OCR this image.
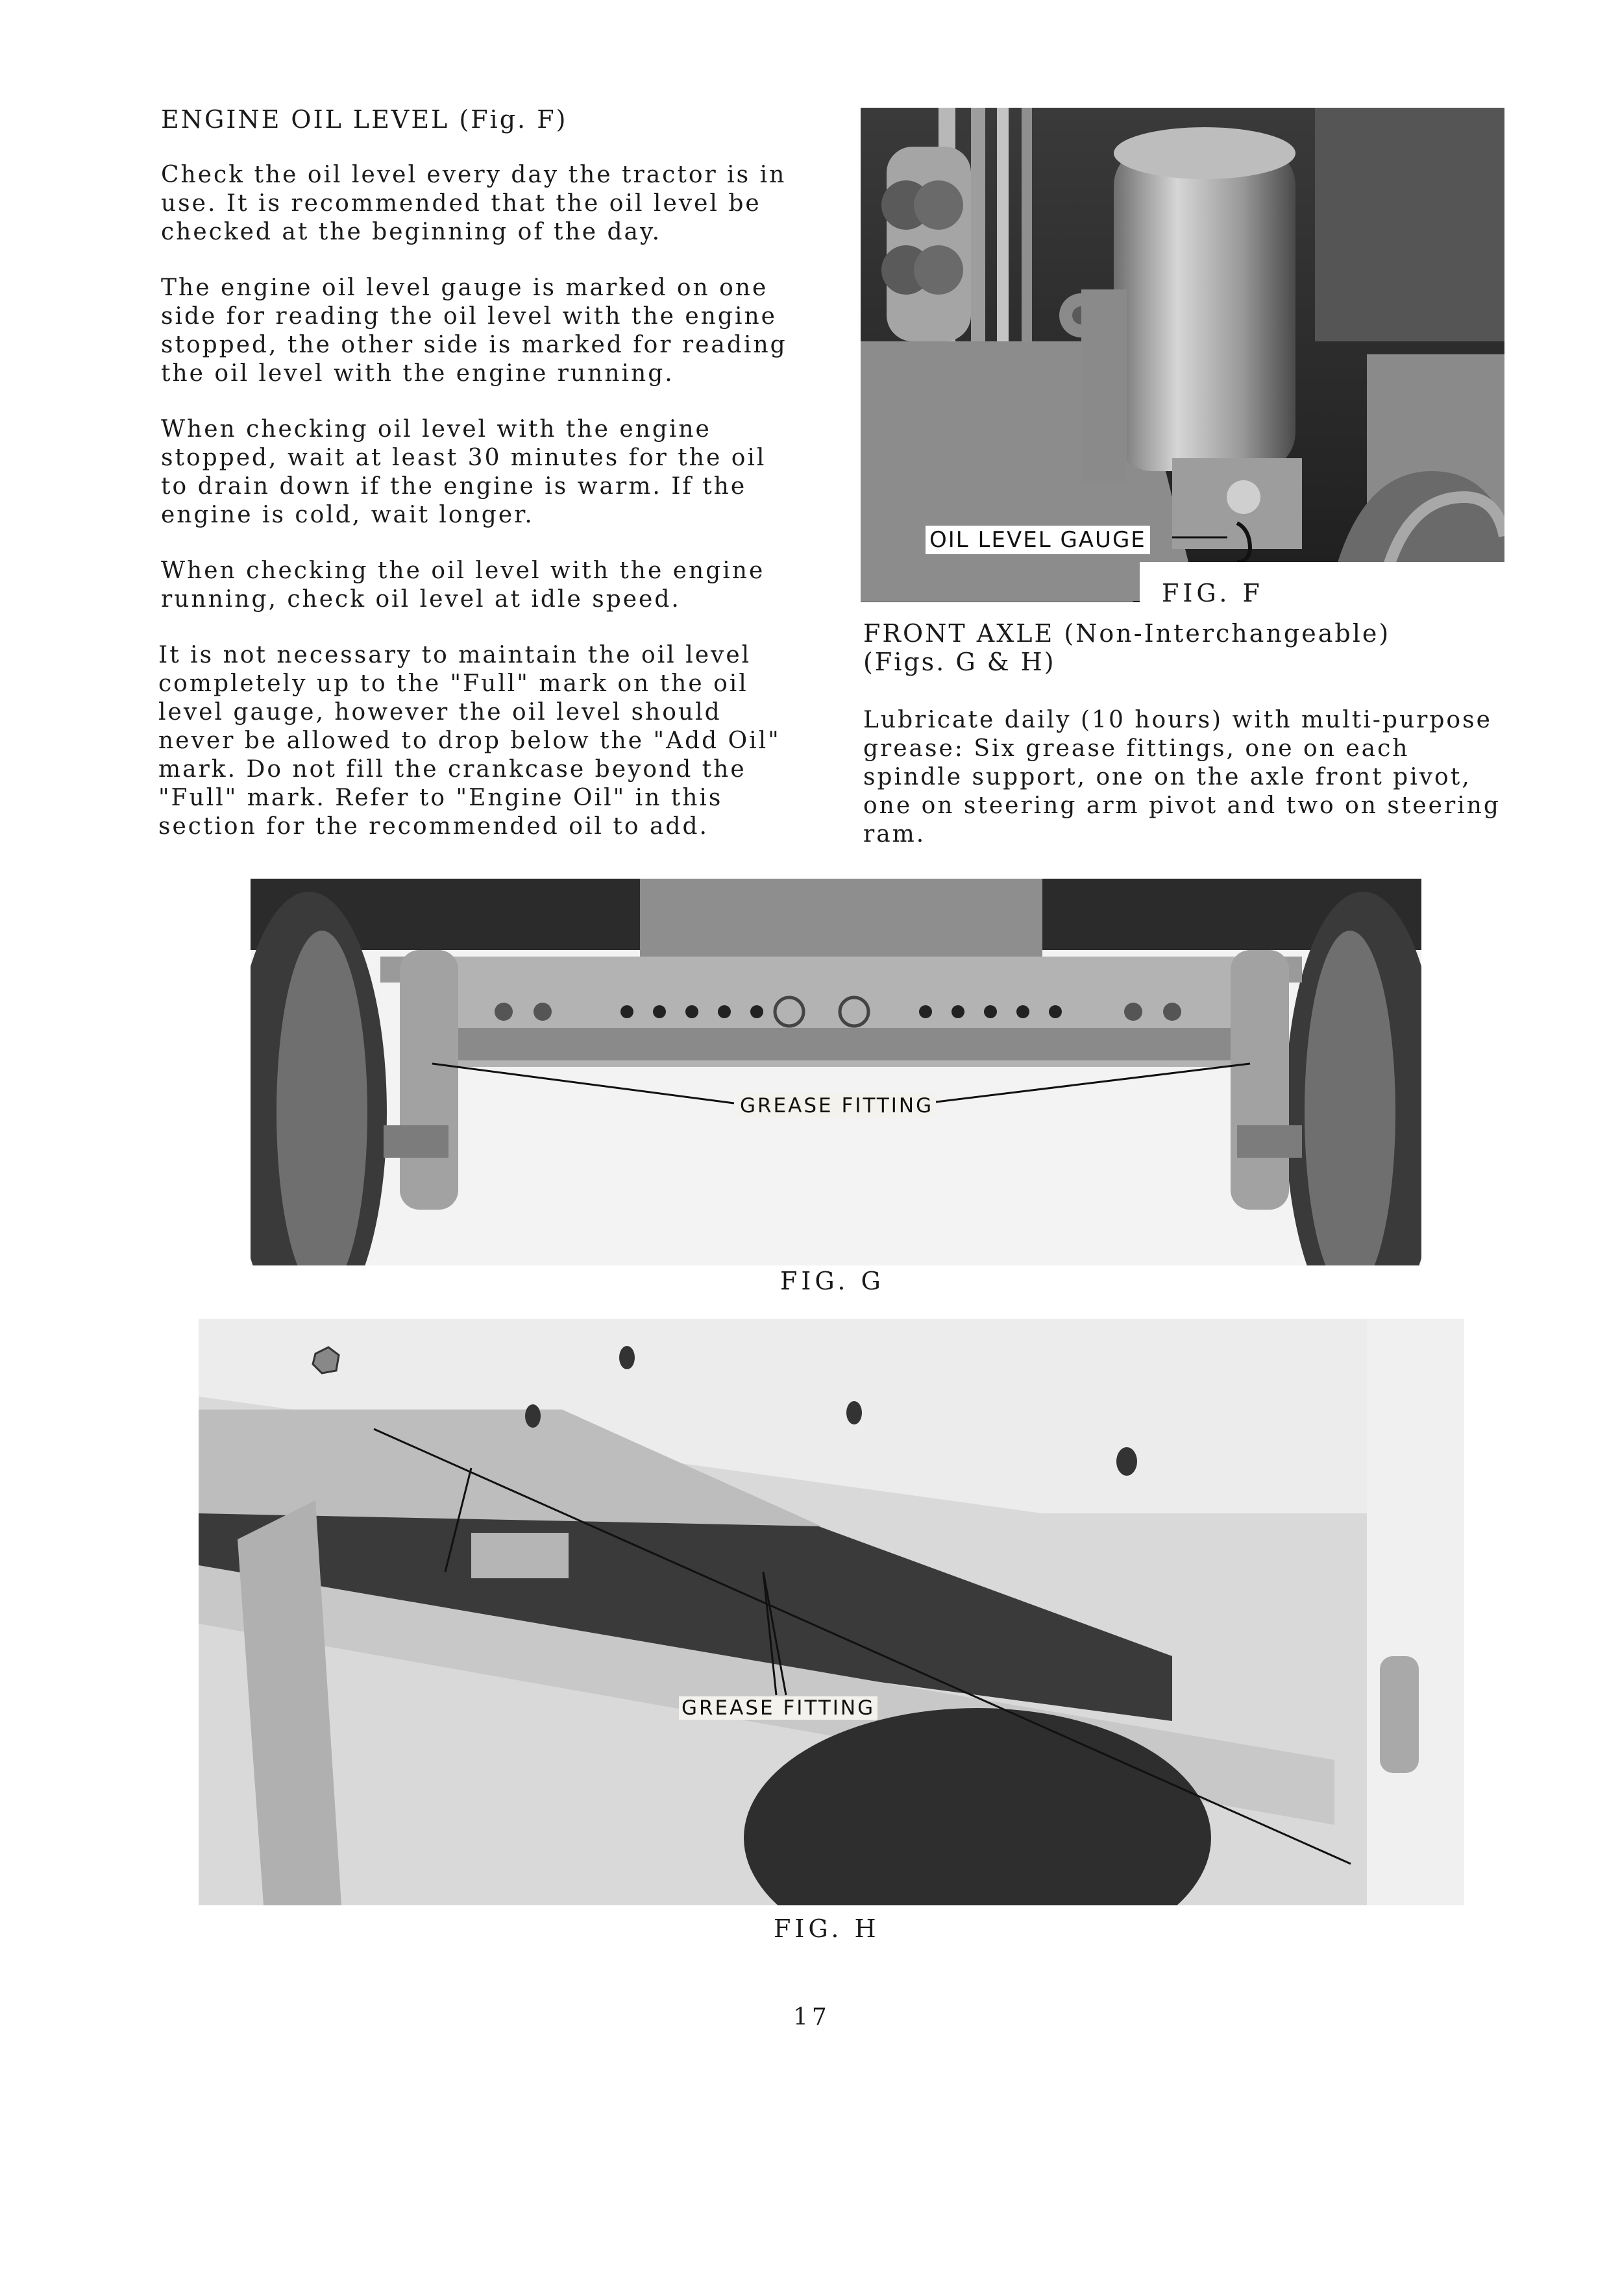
ENGINE OIL LEVEL (Fig. F)

Check the oil level every day the tractor is in

use. It is recommended that the oil level be

checked at the beginning of the day.

The engine oil level gauge is marked on one

side for reading the oil level with the engine

stopped, the other side is marked for reading

the oil level with the engine running.

When checking oil level with the engine

stopped, wait at least 30 minutes for the oil

to drain down if the engine is warm. If the

engine is cold, wait longer.

When checking the oil level with the engine

running, check oil level at idle speed.

It is not necessary to maintain the oil level

completely up to the "Full" mark on the oil

level gauge, however the oil level should

never be allowed to drop below the "Add Oil"

mark. Do not fill the crankcase beyond the

"Full" mark. Refer to "Engine Oil" in this

section for the recommended oil to add.

OIL LEVEL GAUGE

FIG. F

FRONT AXLE (Non-Interchangeable)

(Figs. G & H)

Lubricate daily (10 hours) with multi-purpose

grease: Six grease fittings, one on each

spindle support, one on the axle front pivot,

one on steering arm pivot and two on steering

ram.

GREASE FITTING

FIG. G

GREASE FITTING

FIG. H

17
